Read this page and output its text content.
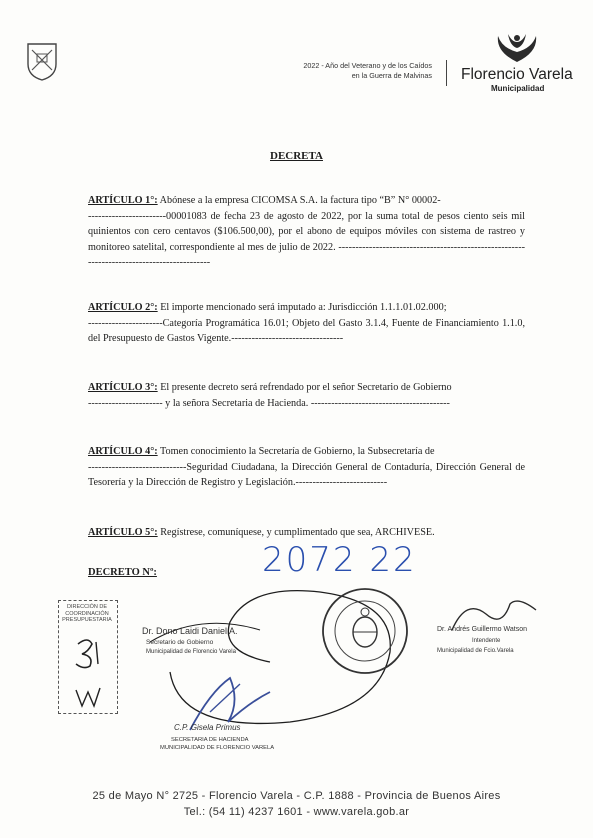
2022 - Año del Veterano y de los Caídos
en la Guerra de Malvinas Florencio Varela
Municipalidad
DECRETA
ARTÍCULO 1°: Abónese a la empresa CICOMSA S.A. la factura tipo “B” N° 00002-
-----------------------00001083 de fecha 23 de agosto de 2022, por la suma total de pesos ciento seis mil quinientos con cero centavos ($106.500,00), por el abono de equipos móviles con sistema de rastreo y monitoreo satelital, correspondiente al mes de julio de 2022. -------------------------------------------------------------------------------------------
ARTÍCULO 2°: El importe mencionado será imputado a: Jurisdicción 1.1.1.01.02.000;
----------------------Categoría Programática 16.01; Objeto del Gasto 3.1.4, Fuente de Financiamiento 1.1.0, del Presupuesto de Gastos Vigente.---------------------------------
ARTÍCULO 3°: El presente decreto será refrendado por el señor Secretario de Gobierno
---------------------- y la señora Secretaria de Hacienda. -----------------------------------------
ARTÍCULO 4°: Tomen conocimiento la Secretaría de Gobierno, la Subsecretaría de
-----------------------------Seguridad Ciudadana, la Dirección General de Contaduría, Dirección General de Tesorería y la Dirección de Registro y Legislación.---------------------------
ARTÍCULO 5°: Regístrese, comuníquese, y cumplimentado que sea, ARCHIVESE.
DECRETO Nº:	2072 22
DIRECCIÓN DE COORDINACIÓN PRESUPUESTARIA
Dr. Dono Laidi Daniel A.
Secretario de Gobierno
Municipalidad de Florencio Varela
C.P. Gisela Primus
SECRETARIA DE HACIENDA
MUNICIPALIDAD DE FLORENCIO VARELA
Dr. Andrés Guillermo Watson
Intendente
Municipalidad de Fcio.Varela
25 de Mayo N° 2725 - Florencio Varela - C.P. 1888 - Provincia de Buenos Aires
Tel.: (54 11) 4237 1601 - www.varela.gob.ar
